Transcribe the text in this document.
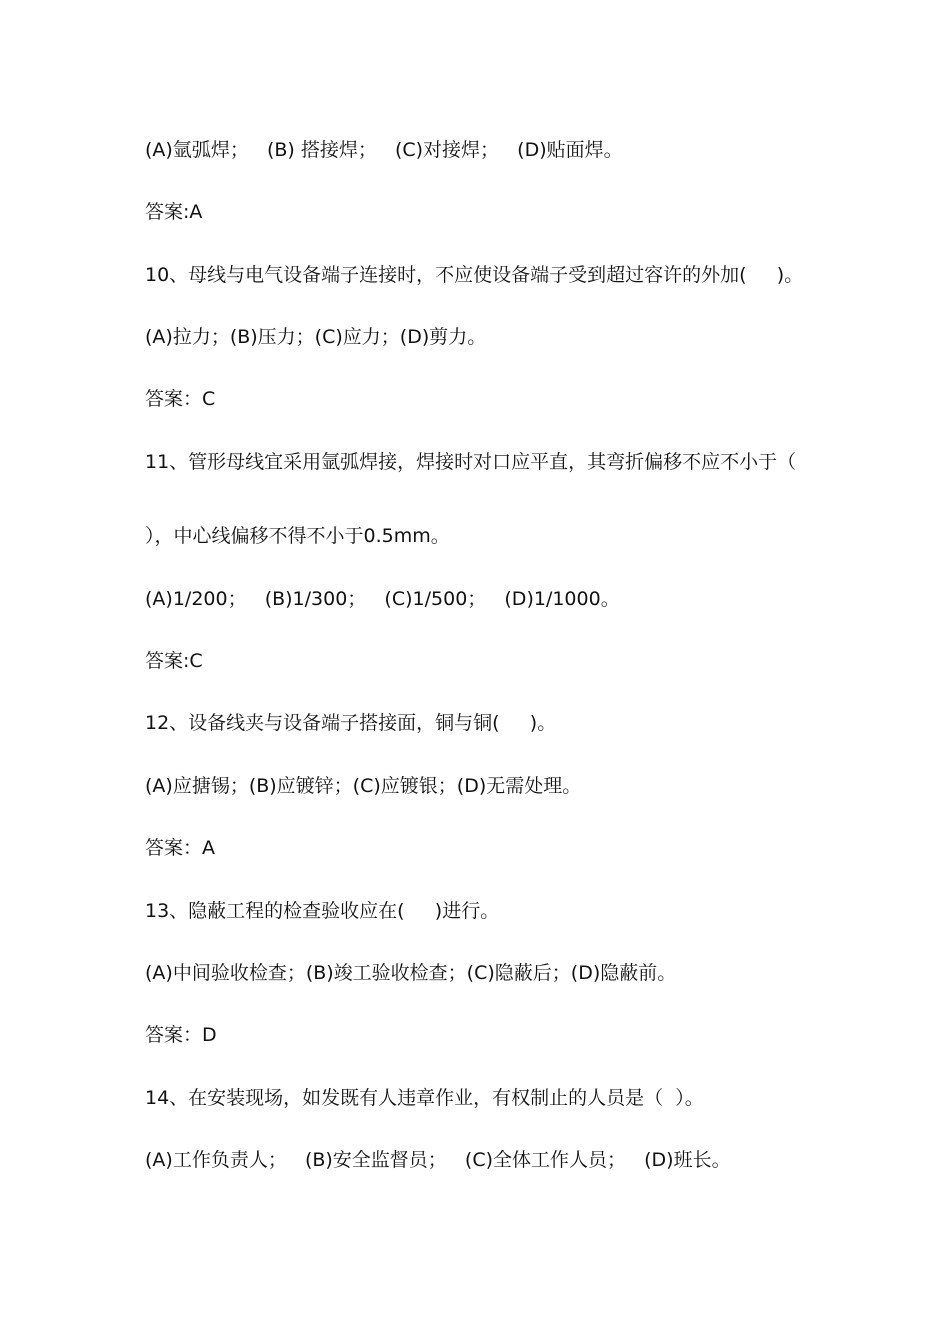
(A)氩弧焊；   (B) 搭接焊；   (C)对接焊；   (D)贴面焊。

答案:A

10、母线与电气设备端子连接时，不应使设备端子受到超过容许的外加(     )。

(A)拉力；(B)压力；(C)应力；(D)剪力。

答案：C

11、管形母线宜采用氩弧焊接，焊接时对口应平直，其弯折偏移不应不小于（

），中心线偏移不得不小于0.5mm。

(A)1/200；   (B)1/300；   (C)1/500；   (D)1/1000。

答案:C

12、设备线夹与设备端子搭接面，铜与铜(     )。

(A)应搪锡；(B)应镀锌；(C)应镀银；(D)无需处理。

答案：A

13、隐蔽工程的检查验收应在(     )进行。

(A)中间验收检查；(B)竣工验收检查；(C)隐蔽后；(D)隐蔽前。

答案：D

14、在安装现场，如发既有人违章作业，有权制止的人员是（  ）。

(A)工作负责人；   (B)安全监督员；   (C)全体工作人员；   (D)班长。
